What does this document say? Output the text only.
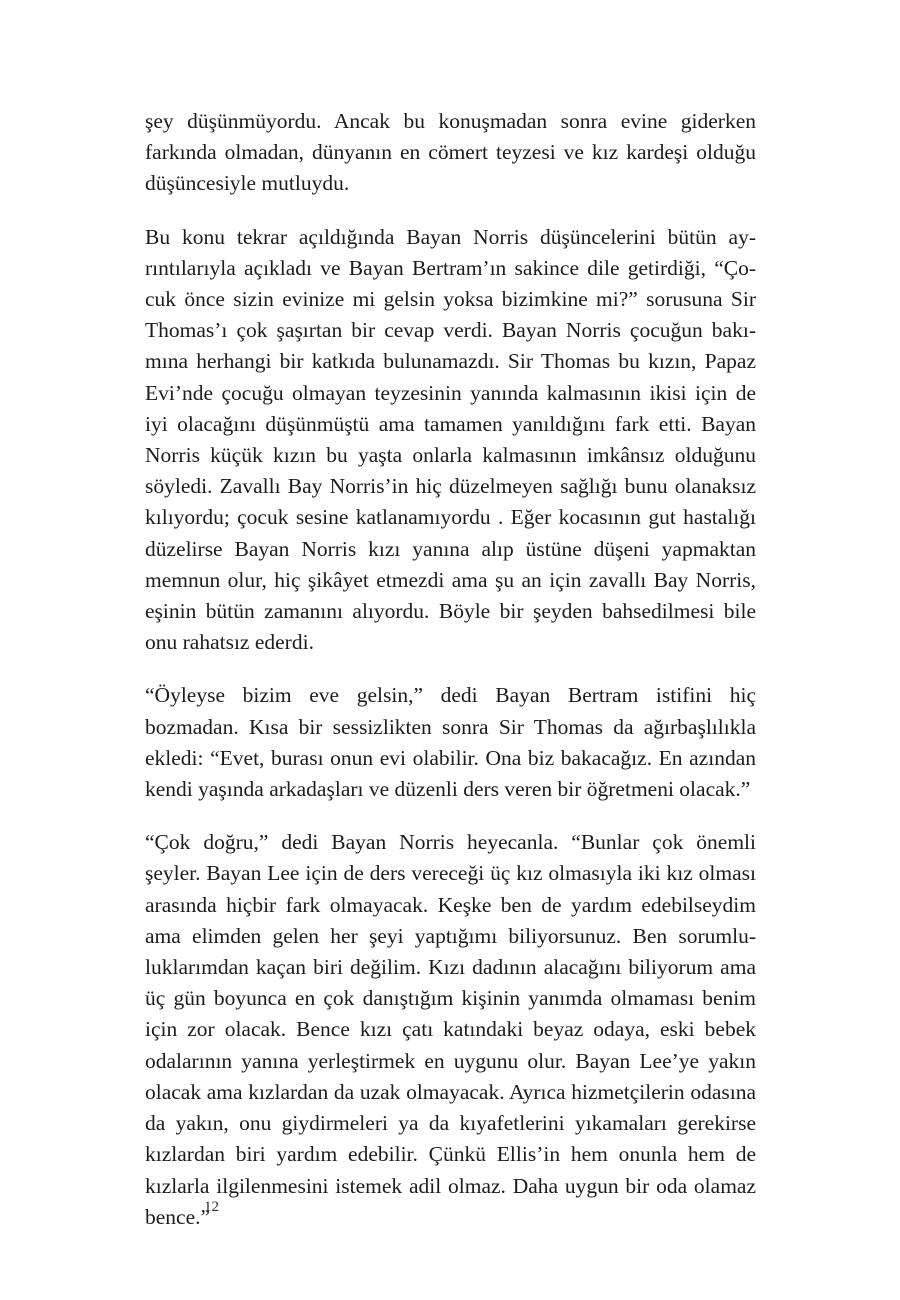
şey düşünmüyordu. Ancak bu konuşmadan sonra evine giderken farkında olmadan, dünyanın en cömert teyzesi ve kız kardeşi olduğu düşüncesiyle mutluydu.

Bu konu tekrar açıldığında Bayan Norris düşüncelerini bütün ayrıntılarıyla açıkladı ve Bayan Bertram’ın sakince dile getirdiği, “Çocuk önce sizin evinize mi gelsin yoksa bizimkine mi?” sorusuna Sir Thomas’ı çok şaşırtan bir cevap verdi. Bayan Norris çocuğun bakımına herhangi bir katkıda bulunamazdı. Sir Thomas bu kızın, Papaz Evi’nde çocuğu olmayan teyzesinin yanında kalmasının ikisi için de iyi olacağını düşünmüştü ama tamamen yanıldığını fark etti. Bayan Norris küçük kızın bu yaşta onlarla kalmasının imkânsız olduğunu söyledi. Zavallı Bay Norris’in hiç düzelmeyen sağlığı bunu olanaksız kılıyordu; çocuk sesine katlanamıyordu . Eğer kocasının gut hastalığı düzelirse Bayan Norris kızı yanına alıp üstüne düşeni yapmaktan memnun olur, hiç şikâyet etmezdi ama şu an için zavallı Bay Norris, eşinin bütün zamanını alıyordu. Böyle bir şeyden bahsedilmesi bile onu rahatsız ederdi.

“Öyleyse bizim eve gelsin,” dedi Bayan Bertram istifini hiç bozmadan. Kısa bir sessizlikten sonra Sir Thomas da ağırbaşlılıkla ekledi: “Evet, burası onun evi olabilir. Ona biz bakacağız. En azından kendi yaşında arkadaşları ve düzenli ders veren bir öğretmeni olacak.”

“Çok doğru,” dedi Bayan Norris heyecanla. “Bunlar çok önemli şeyler. Bayan Lee için de ders vereceği üç kız olmasıyla iki kız olması arasında hiçbir fark olmayacak. Keşke ben de yardım edebilseydim ama elimden gelen her şeyi yaptığımı biliyorsunuz. Ben sorumluluklarımdan kaçan biri değilim. Kızı dadının alacağını biliyorum ama üç gün boyunca en çok danıştığım kişinin yanımda olmaması benim için zor olacak. Bence kızı çatı katındaki beyaz odaya, eski bebek odalarının yanına yerleştirmek en uygunu olur. Bayan Lee’ye yakın olacak ama kızlardan da uzak olmayacak. Ayrıca hizmetçilerin odasına da yakın, onu giydirmeleri ya da kıyafetlerini yıkamaları gerekirse kızlardan biri yardım edebilir. Çünkü Ellis’in hem onunla hem de kızlarla ilgilenmesini istemek adil olmaz. Daha uygun bir oda olamaz bence.”

12
